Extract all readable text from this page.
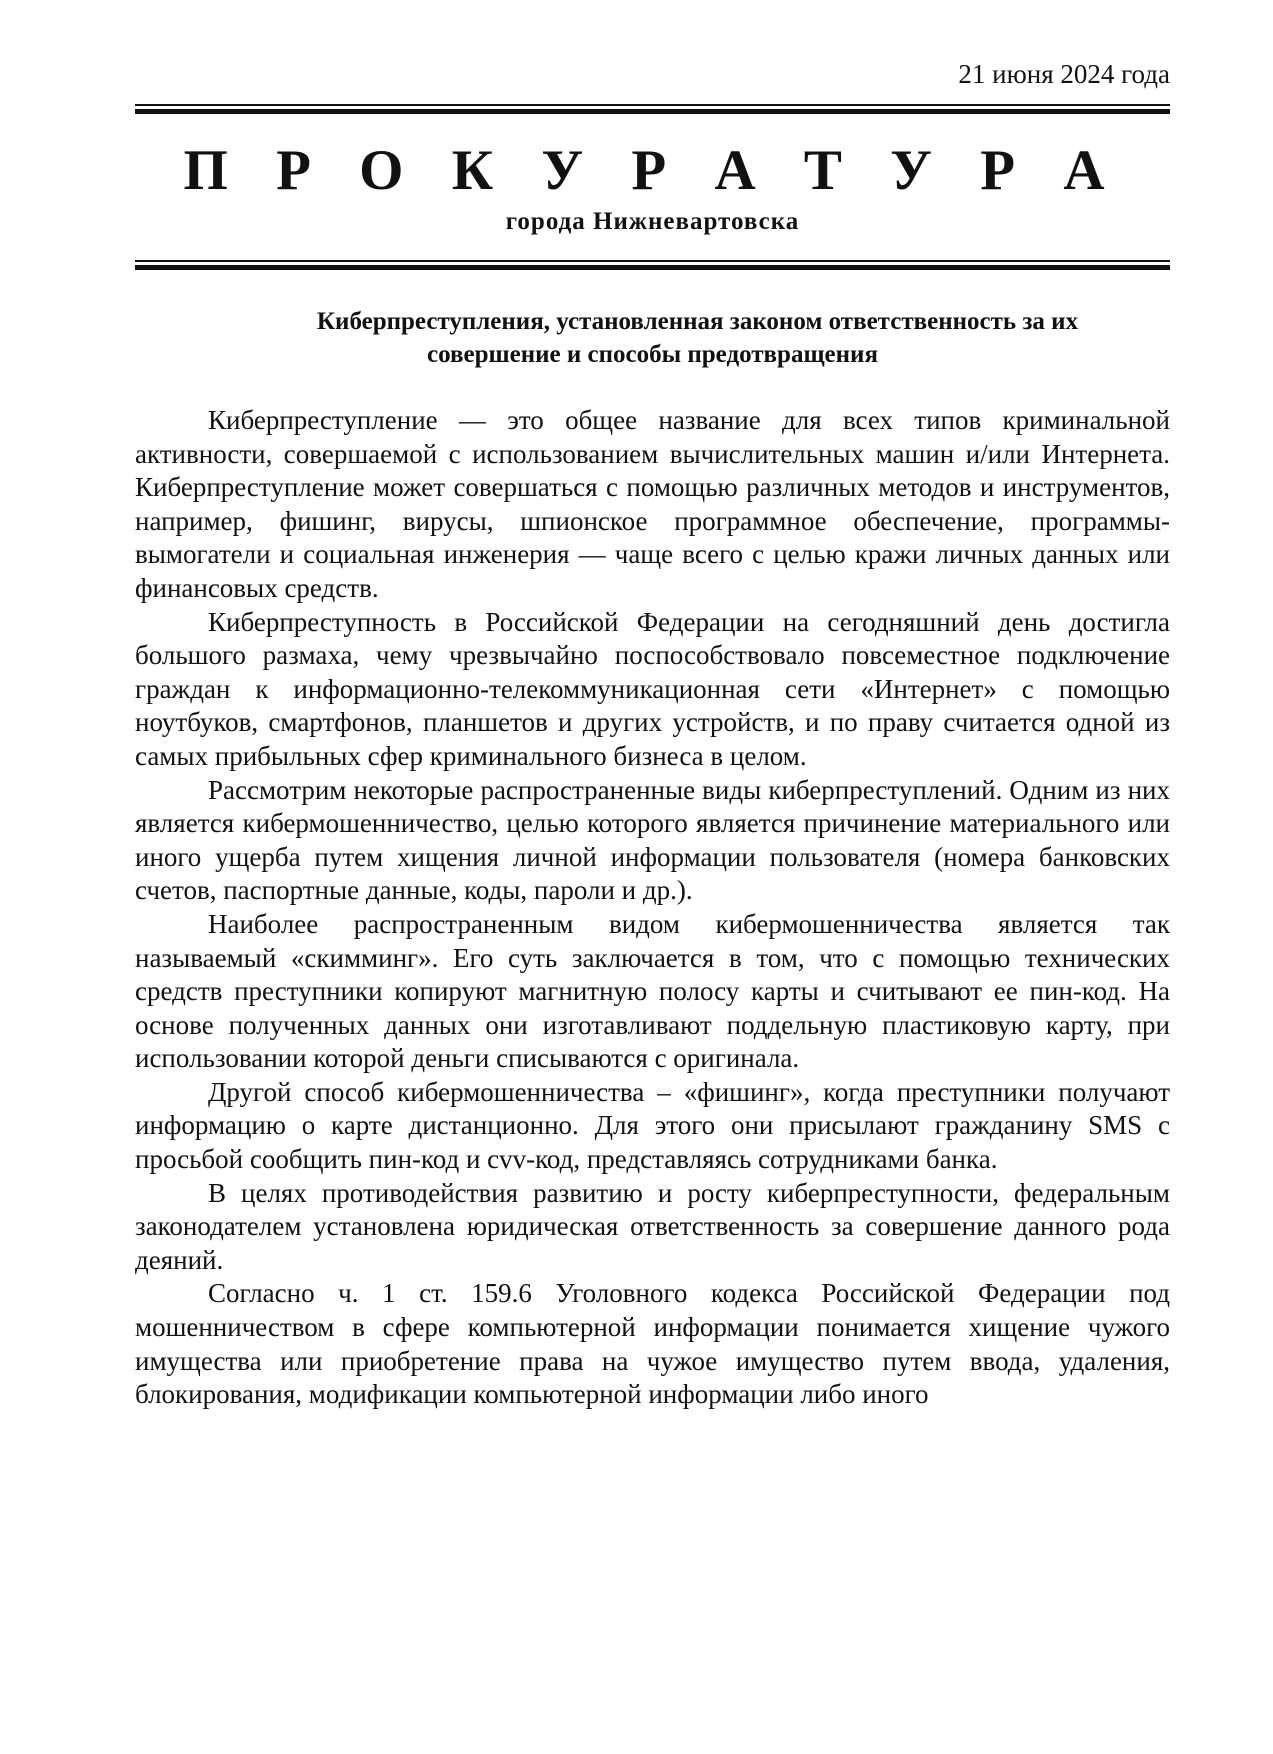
21 июня 2024 года
П Р О К У Р А Т У Р А
города Нижневартовска
Киберпреступления, установленная законом ответственность за их
совершение и способы предотвращения

Киберпреступление — это общее название для всех типов криминальной активности, совершаемой с использованием вычислительных машин и/или Интернета. Киберпреступление может совершаться с помощью различных методов и инструментов, например, фишинг, вирусы, шпионское программное обеспечение, программы-вымогатели и социальная инженерия — чаще всего с целью кражи личных данных или финансовых средств.

Киберпреступность в Российской Федерации на сегодняшний день достигла большого размаха, чему чрезвычайно поспособствовало повсеместное подключение граждан к информационно-телекоммуникационная сети «Интернет» с помощью ноутбуков, смартфонов, планшетов и других устройств, и по праву считается одной из самых прибыльных сфер криминального бизнеса в целом.

Рассмотрим некоторые распространенные виды киберпреступлений. Одним из них является кибермошенничество, целью которого является причинение материального или иного ущерба путем хищения личной информации пользователя (номера банковских счетов, паспортные данные, коды, пароли и др.).

Наиболее распространенным видом кибермошенничества является так называемый «скимминг». Его суть заключается в том, что с помощью технических средств преступники копируют магнитную полосу карты и считывают ее пин-код. На основе полученных данных они изготавливают поддельную пластиковую карту, при использовании которой деньги списываются с оригинала.

Другой способ кибермошенничества – «фишинг», когда преступники получают информацию о карте дистанционно. Для этого они присылают гражданину SMS с просьбой сообщить пин-код и cvv-код, представляясь сотрудниками банка.

В целях противодействия развитию и росту киберпреступности, федеральным законодателем установлена юридическая ответственность за совершение данного рода деяний.

Согласно ч. 1 ст. 159.6 Уголовного кодекса Российской Федерации под мошенничеством в сфере компьютерной информации понимается хищение чужого имущества или приобретение права на чужое имущество путем ввода, удаления, блокирования, модификации компьютерной информации либо иного
